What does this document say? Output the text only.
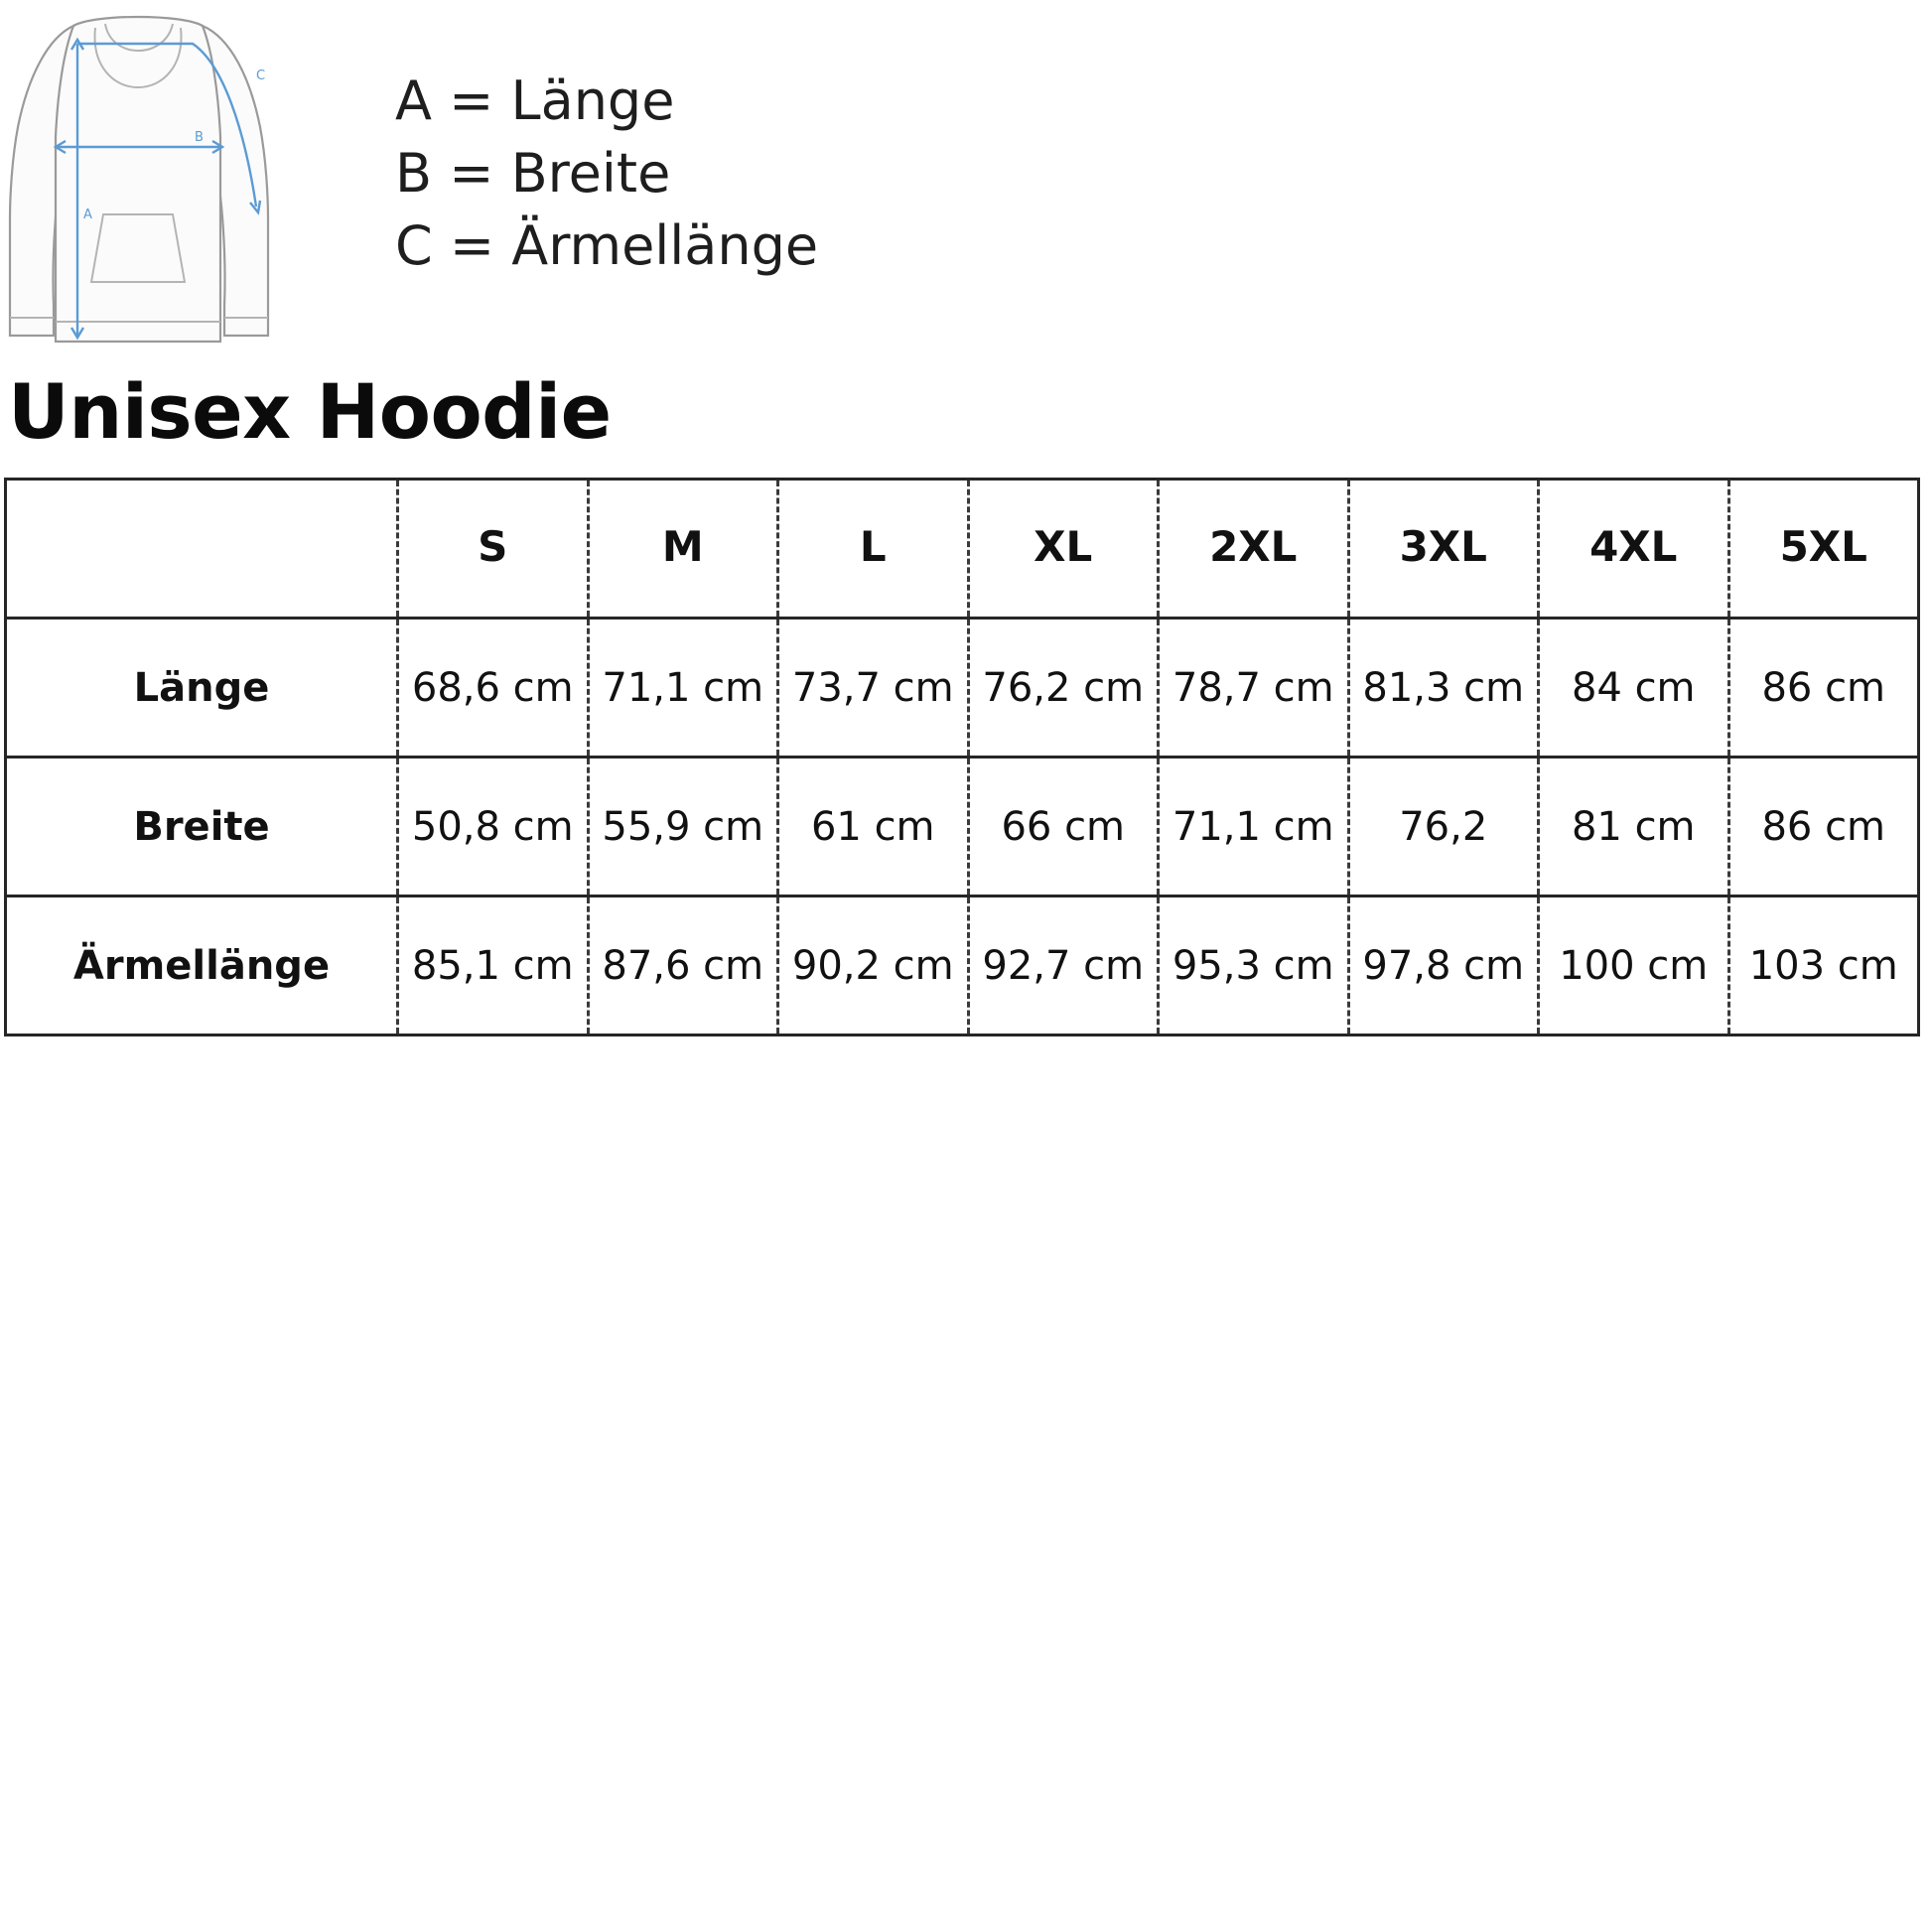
A
B
C A = Länge
B = Breite
C = Ärmellänge
Unisex Hoodie
	S	M	L	XL	2XL	3XL	4XL	5XL
Länge	68,6 cm	71,1 cm	73,7 cm	76,2 cm	78,7 cm	81,3 cm	84 cm	86 cm
Breite	50,8 cm	55,9 cm	61 cm	66 cm	71,1 cm	76,2	81 cm	86 cm
Ärmellänge	85,1 cm	87,6 cm	90,2 cm	92,7 cm	95,3 cm	97,8 cm	100 cm	103 cm
